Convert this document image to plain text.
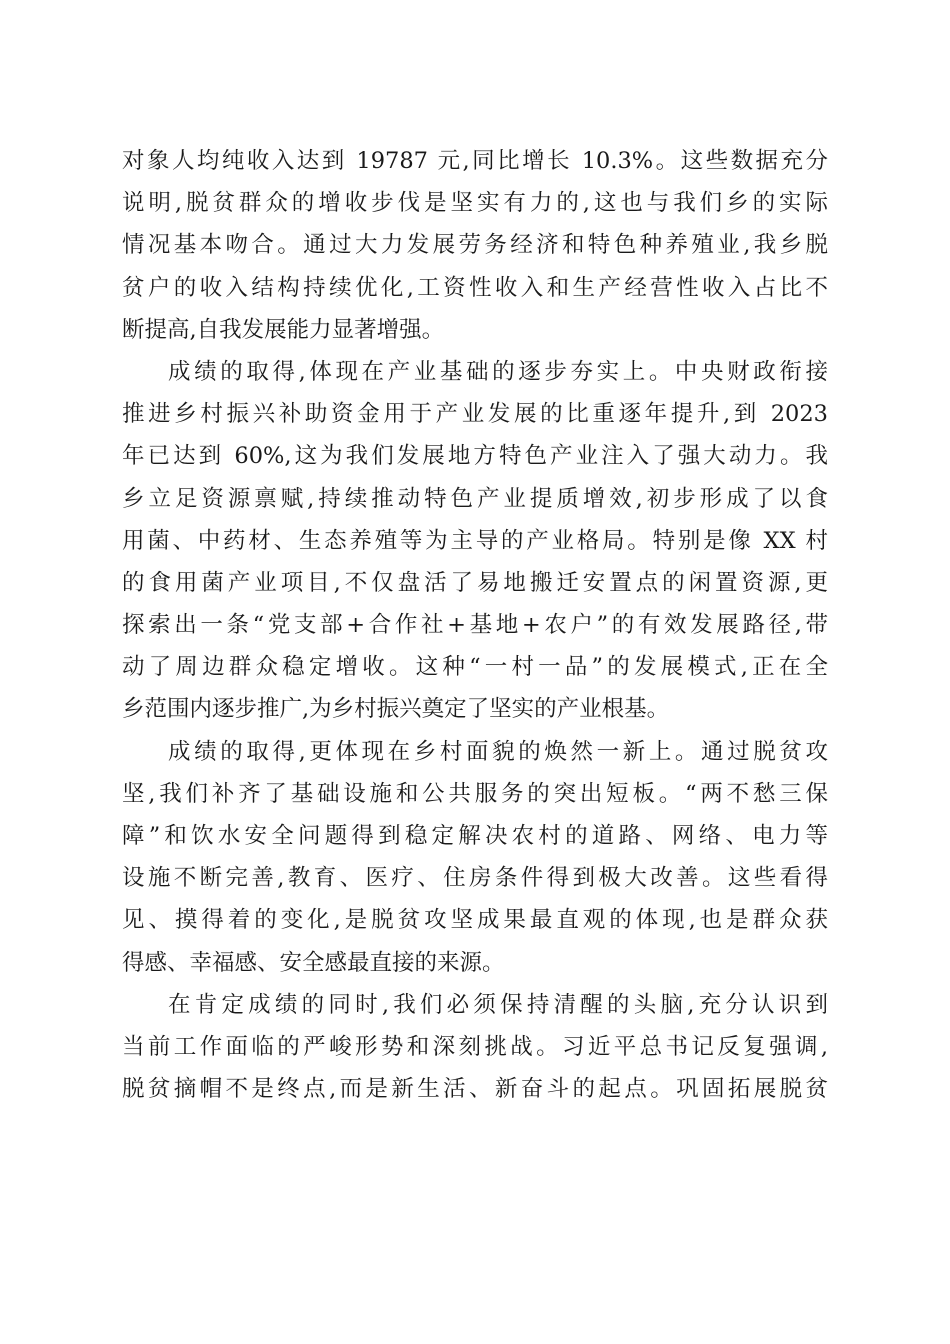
对象人均纯收入达到 19787 元,同比增长 10.3%。这些数据充分
说明,脱贫群众的增收步伐是坚实有力的,这也与我们乡的实际
情况基本吻合。通过大力发展劳务经济和特色种养殖业,我乡脱
贫户的收入结构持续优化,工资性收入和生产经营性收入占比不
断提高,自我发展能力显著增强。
成绩的取得,体现在产业基础的逐步夯实上。中央财政衔接
推进乡村振兴补助资金用于产业发展的比重逐年提升,到 2023
年已达到 60%,这为我们发展地方特色产业注入了强大动力。我
乡立足资源禀赋,持续推动特色产业提质增效,初步形成了以食
用菌、中药材、生态养殖等为主导的产业格局。特别是像 XX 村
的食用菌产业项目,不仅盘活了易地搬迁安置点的闲置资源,更
探索出一条“党支部+合作社+基地+农户”的有效发展路径,带
动了周边群众稳定增收。这种“一村一品”的发展模式,正在全
乡范围内逐步推广,为乡村振兴奠定了坚实的产业根基。
成绩的取得,更体现在乡村面貌的焕然一新上。通过脱贫攻
坚,我们补齐了基础设施和公共服务的突出短板。“两不愁三保
障”和饮水安全问题得到稳定解决农村的道路、网络、电力等
设施不断完善,教育、医疗、住房条件得到极大改善。这些看得
见、摸得着的变化,是脱贫攻坚成果最直观的体现,也是群众获
得感、幸福感、安全感最直接的来源。
在肯定成绩的同时,我们必须保持清醒的头脑,充分认识到
当前工作面临的严峻形势和深刻挑战。习近平总书记反复强调,
脱贫摘帽不是终点,而是新生活、新奋斗的起点。巩固拓展脱贫
